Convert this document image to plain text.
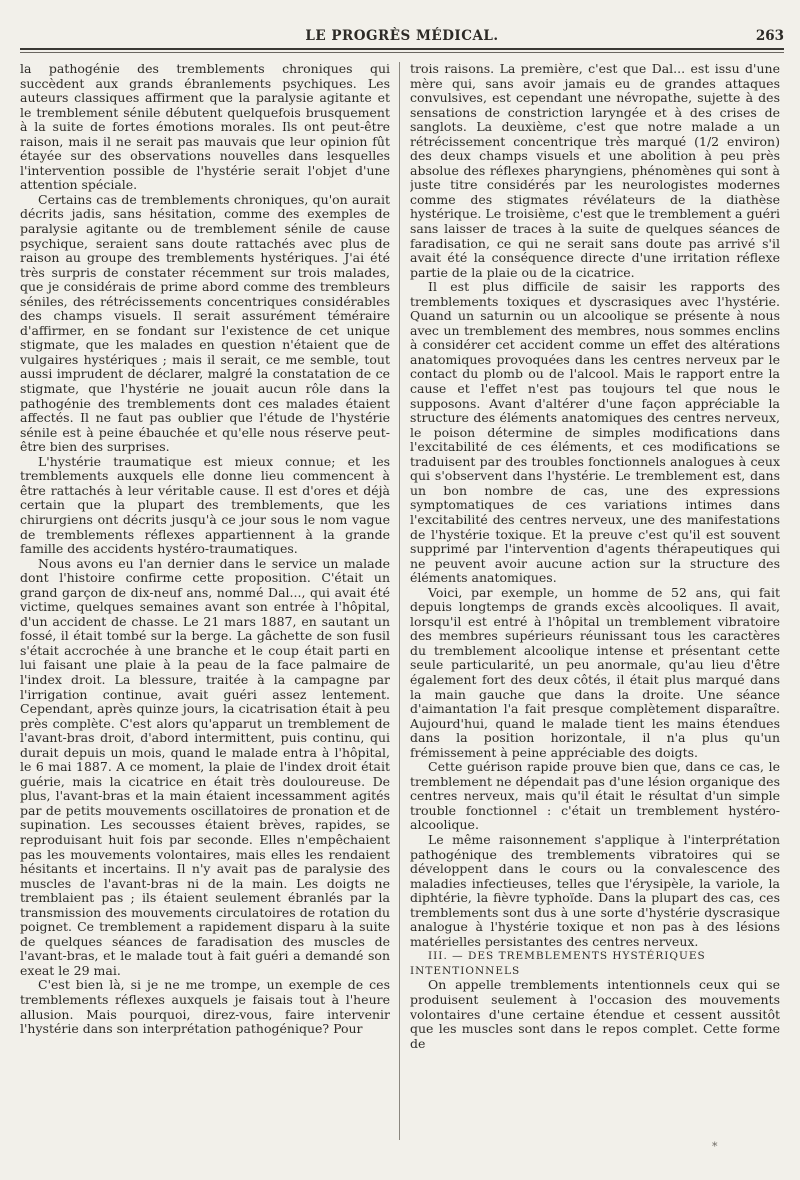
LE PROGRÈS MÉDICAL.	263

la pathogénie des tremblements chroniques qui succèdent aux grands ébranlements psychiques. Les auteurs classiques affirment que la paralysie agitante et le tremblement sénile débutent quelquefois brusquement à la suite de fortes émotions morales. Ils ont peut-être raison, mais il ne serait pas mauvais que leur opinion fût étayée sur des observations nouvelles dans lesquelles l'intervention possible de l'hystérie serait l'objet d'une attention spéciale.

Certains cas de tremblements chroniques, qu'on aurait décrits jadis, sans hésitation, comme des exemples de paralysie agitante ou de tremblement sénile de cause psychique, seraient sans doute rattachés avec plus de raison au groupe des tremblements hystériques. J'ai été très surpris de constater récemment sur trois malades, que je considérais de prime abord comme des trembleurs séniles, des rétrécissements concentriques considérables des champs visuels. Il serait assurément téméraire d'affirmer, en se fondant sur l'existence de cet unique stigmate, que les malades en question n'étaient que de vulgaires hystériques ; mais il serait, ce me semble, tout aussi imprudent de déclarer, malgré la constatation de ce stigmate, que l'hystérie ne jouait aucun rôle dans la pathogénie des tremblements dont ces malades étaient affectés. Il ne faut pas oublier que l'étude de l'hystérie sénile est à peine ébauchée et qu'elle nous réserve peut-être bien des surprises.

L'hystérie traumatique est mieux connue; et les tremblements auxquels elle donne lieu commencent à être rattachés à leur véritable cause. Il est d'ores et déjà certain que la plupart des tremblements, que les chirurgiens ont décrits jusqu'à ce jour sous le nom vague de tremblements réflexes appartiennent à la grande famille des accidents hystéro-traumatiques.

Nous avons eu l'an dernier dans le service un malade dont l'histoire confirme cette proposition. C'était un grand garçon de dix-neuf ans, nommé Dal..., qui avait été victime, quelques semaines avant son entrée à l'hôpital, d'un accident de chasse. Le 21 mars 1887, en sautant un fossé, il était tombé sur la berge. La gâchette de son fusil s'était accrochée à une branche et le coup était parti en lui faisant une plaie à la peau de la face palmaire de l'index droit. La blessure, traitée à la campagne par l'irrigation continue, avait guéri assez lentement. Cependant, après quinze jours, la cicatrisation était à peu près complète. C'est alors qu'apparut un tremblement de l'avant-bras droit, d'abord intermittent, puis continu, qui durait depuis un mois, quand le malade entra à l'hôpital, le 6 mai 1887. A ce moment, la plaie de l'index droit était guérie, mais la cicatrice en était très douloureuse. De plus, l'avant-bras et la main étaient incessamment agités par de petits mouvements oscillatoires de pronation et de supination. Les secousses étaient brèves, rapides, se reproduisant huit fois par seconde. Elles n'empêchaient pas les mouvements volontaires, mais elles les rendaient hésitants et incertains. Il n'y avait pas de paralysie des muscles de l'avant-bras ni de la main. Les doigts ne tremblaient pas ; ils étaient seulement ébranlés par la transmission des mouvements circulatoires de rotation du poignet. Ce tremblement a rapidement disparu à la suite de quelques séances de faradisation des muscles de l'avant-bras, et le malade tout à fait guéri a demandé son exeat le 29 mai.

C'est bien là, si je ne me trompe, un exemple de ces tremblements réflexes auxquels je faisais tout à l'heure allusion. Mais pourquoi, direz-vous, faire intervenir l'hystérie dans son interprétation pathogénique? Pour

trois raisons. La première, c'est que Dal... est issu d'une mère qui, sans avoir jamais eu de grandes attaques convulsives, est cependant une névropathe, sujette à des sensations de constriction laryngée et à des crises de sanglots. La deuxième, c'est que notre malade a un rétrécissement concentrique très marqué (1/2 environ) des deux champs visuels et une abolition à peu près absolue des réflexes pharyngiens, phénomènes qui sont à juste titre considérés par les neurologistes modernes comme des stigmates révélateurs de la diathèse hystérique. Le troisième, c'est que le tremblement a guéri sans laisser de traces à la suite de quelques séances de faradisation, ce qui ne serait sans doute pas arrivé s'il avait été la conséquence directe d'une irritation réflexe partie de la plaie ou de la cicatrice.

Il est plus difficile de saisir les rapports des tremblements toxiques et dyscrasiques avec l'hystérie. Quand un saturnin ou un alcoolique se présente à nous avec un tremblement des membres, nous sommes enclins à considérer cet accident comme un effet des altérations anatomiques provoquées dans les centres nerveux par le contact du plomb ou de l'alcool. Mais le rapport entre la cause et l'effet n'est pas toujours tel que nous le supposons. Avant d'altérer d'une façon appréciable la structure des éléments anatomiques des centres nerveux, le poison détermine de simples modifications dans l'excitabilité de ces éléments, et ces modifications se traduisent par des troubles fonctionnels analogues à ceux qui s'observent dans l'hystérie. Le tremblement est, dans un bon nombre de cas, une des expressions symptomatiques de ces variations intimes dans l'excitabilité des centres nerveux, une des manifestations de l'hystérie toxique. Et la preuve c'est qu'il est souvent supprimé par l'intervention d'agents thérapeutiques qui ne peuvent avoir aucune action sur la structure des éléments anatomiques.

Voici, par exemple, un homme de 52 ans, qui fait depuis longtemps de grands excès alcooliques. Il avait, lorsqu'il est entré à l'hôpital un tremblement vibratoire des membres supérieurs réunissant tous les caractères du tremblement alcoolique intense et présentant cette seule particularité, un peu anormale, qu'au lieu d'être également fort des deux côtés, il était plus marqué dans la main gauche que dans la droite. Une séance d'aimantation l'a fait presque complètement disparaître. Aujourd'hui, quand le malade tient les mains étendues dans la position horizontale, il n'a plus qu'un frémissement à peine appréciable des doigts.

Cette guérison rapide prouve bien que, dans ce cas, le tremblement ne dépendait pas d'une lésion organique des centres nerveux, mais qu'il était le résultat d'un simple trouble fonctionnel : c'était un tremblement hystéro-alcoolique.

Le même raisonnement s'applique à l'interprétation pathogénique des tremblements vibratoires qui se développent dans le cours ou la convalescence des maladies infectieuses, telles que l'érysipèle, la variole, la diphtérie, la fièvre typhoïde. Dans la plupart des cas, ces tremblements sont dus à une sorte d'hystérie dyscrasique analogue à l'hystérie toxique et non pas à des lésions matérielles persistantes des centres nerveux.

III. — DES TREMBLEMENTS HYSTÉRIQUES INTENTIONNELS

On appelle tremblements intentionnels ceux qui se produisent seulement à l'occasion des mouvements volontaires d'une certaine étendue et cessent aussitôt que les muscles sont dans le repos complet. Cette forme de

*
